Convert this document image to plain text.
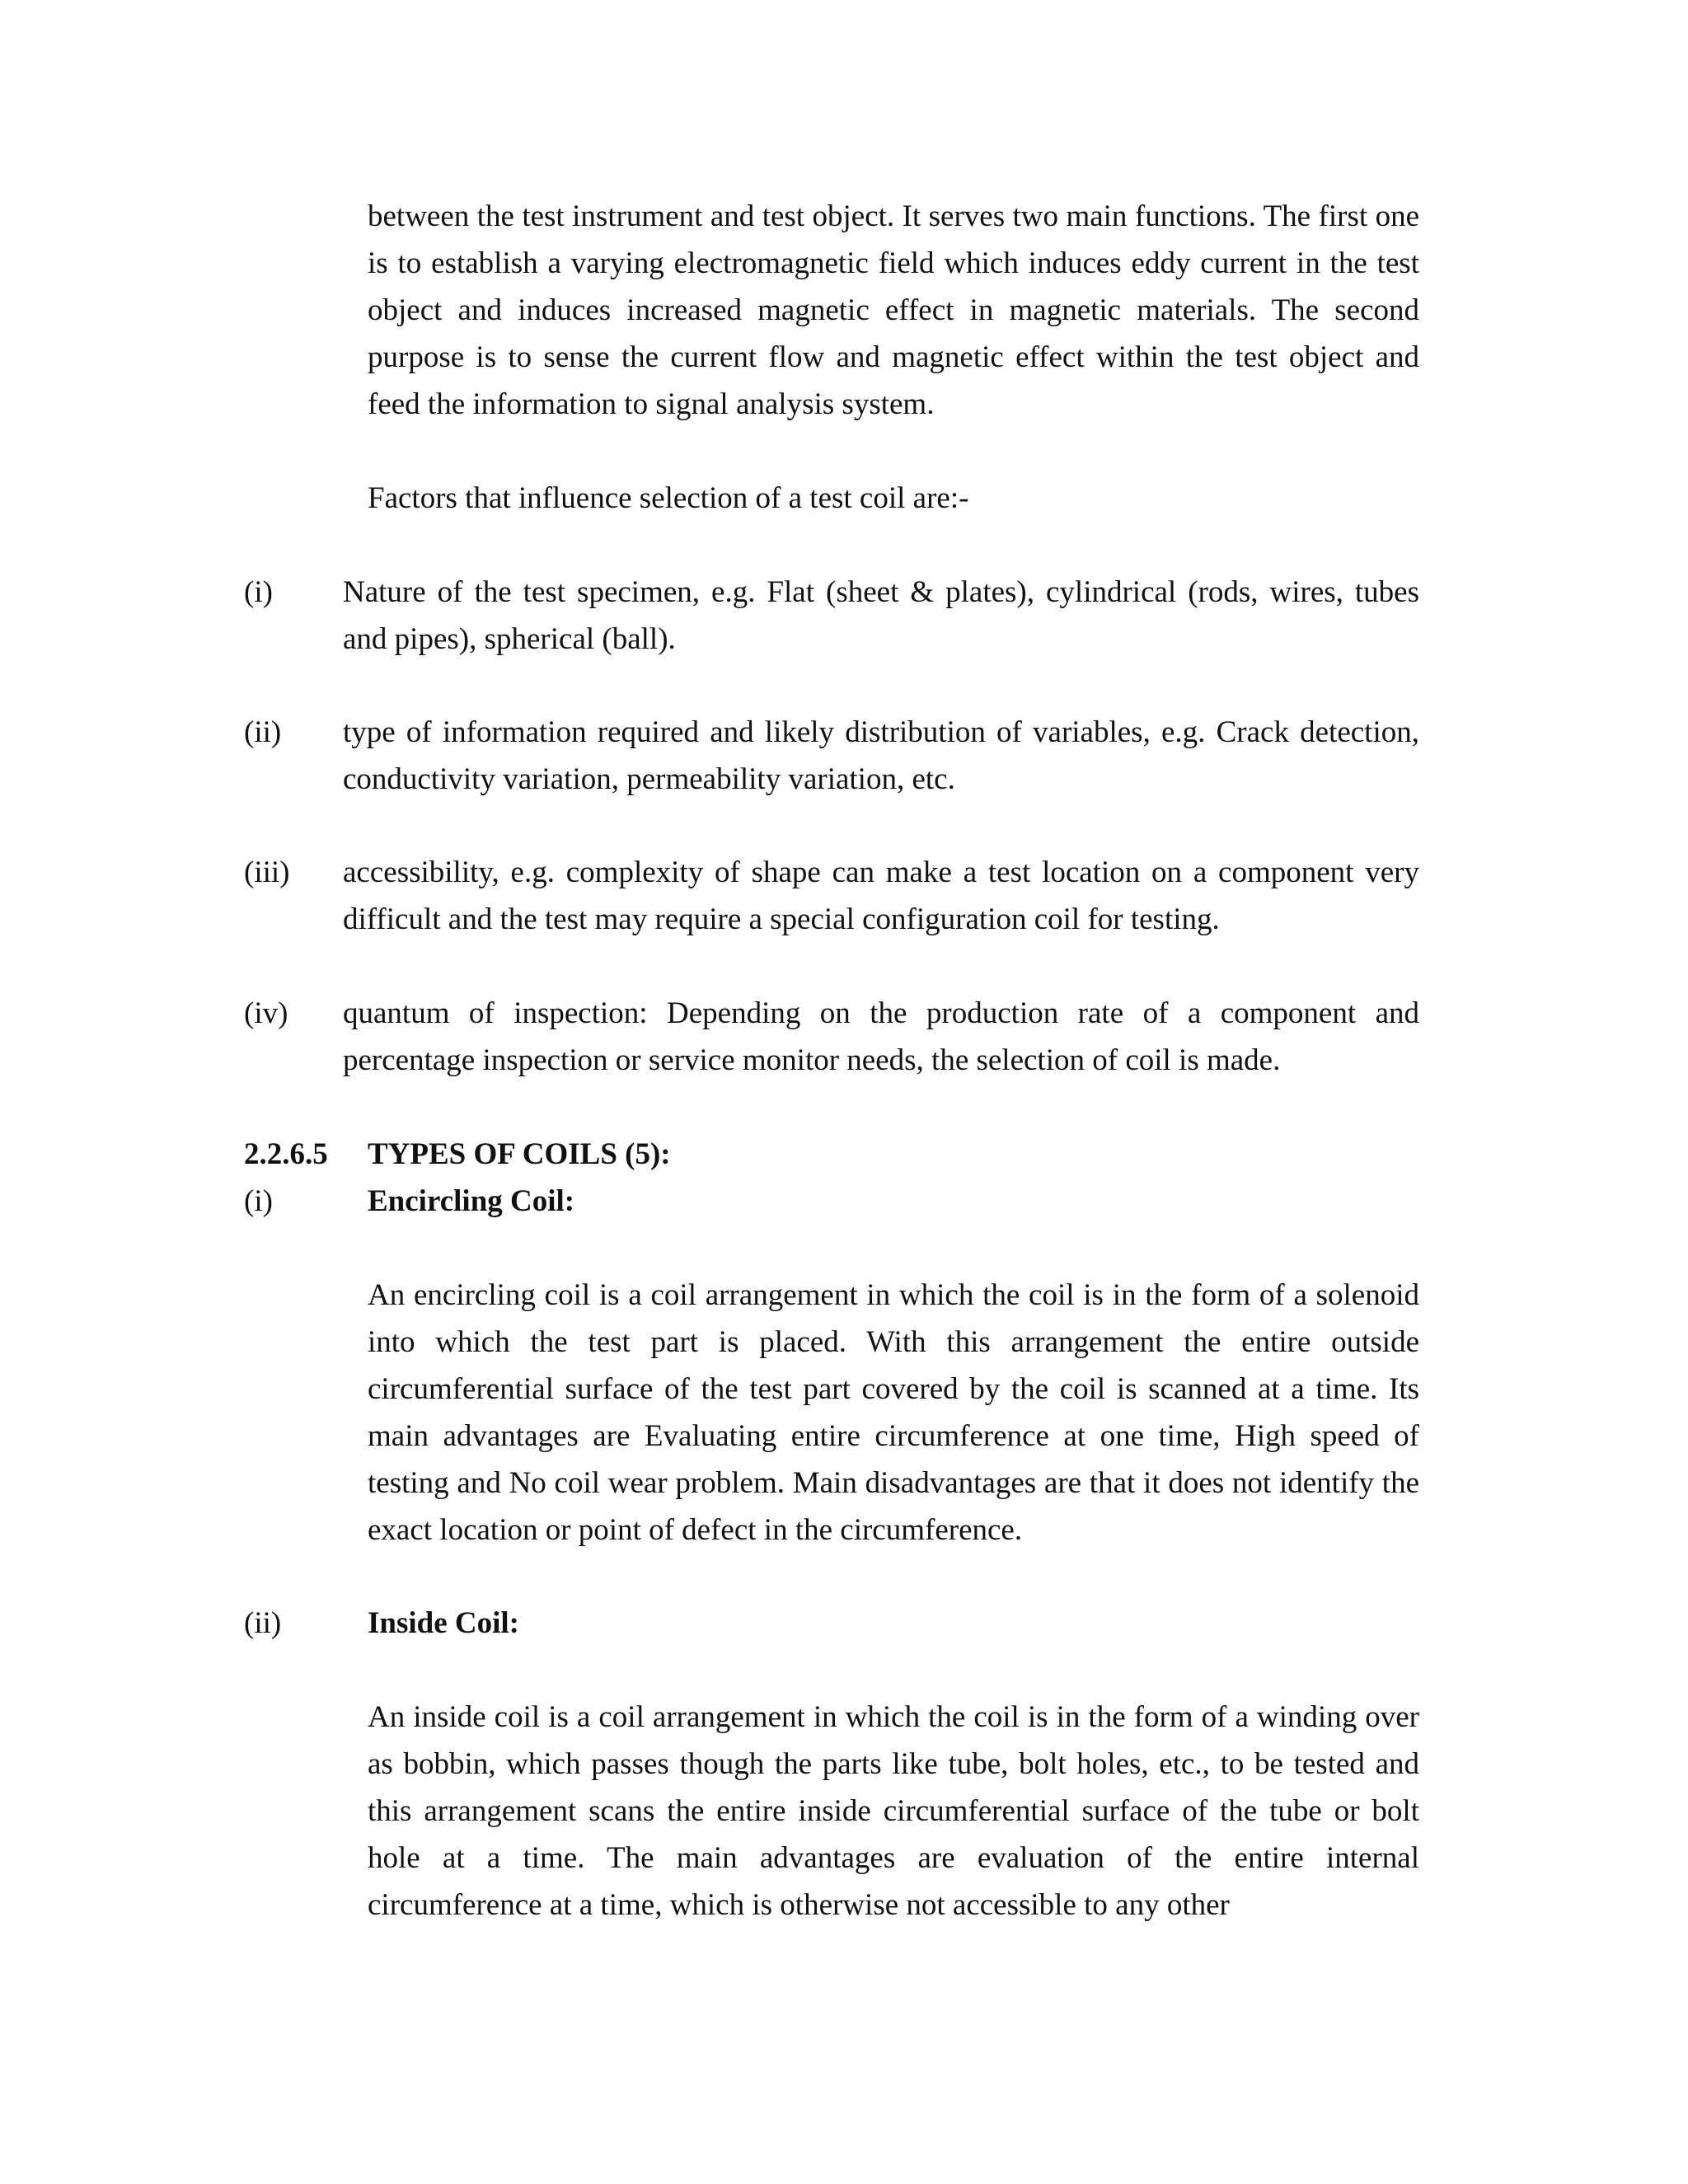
between the test instrument and test object. It serves two main functions. The first one is to establish a varying electromagnetic field which induces eddy current in the test object and induces increased magnetic effect in magnetic materials. The second purpose is to sense the current flow and magnetic effect within the test object and feed the information to signal analysis system.

Factors that influence selection of a test coil are:-

(i) Nature of the test specimen, e.g. Flat (sheet & plates), cylindrical (rods, wires, tubes and pipes), spherical (ball).

(ii) type of information required and likely distribution of variables, e.g. Crack detection, conductivity variation, permeability variation, etc.

(iii) accessibility, e.g. complexity of shape can make a test location on a component very difficult and the test may require a special configuration coil for testing.

(iv) quantum of inspection: Depending on the production rate of a component and percentage inspection or service monitor needs, the selection of coil is made.

2.2.6.5 TYPES OF COILS (5):
(i)	Encircling Coil:

An encircling coil is a coil arrangement in which the coil is in the form of a solenoid into which the test part is placed. With this arrangement the entire outside circumferential surface of the test part covered by the coil is scanned at a time. Its main advantages are Evaluating entire circumference at one time, High speed of testing and No coil wear problem. Main disadvantages are that it does not identify the exact location or point of defect in the circumference.

(ii)	Inside Coil:

An inside coil is a coil arrangement in which the coil is in the form of a winding over as bobbin, which passes though the parts like tube, bolt holes, etc., to be tested and this arrangement scans the entire inside circumferential surface of the tube or bolt hole at a time. The main advantages are evaluation of the entire internal circumference at a time, which is otherwise not accessible to any other
